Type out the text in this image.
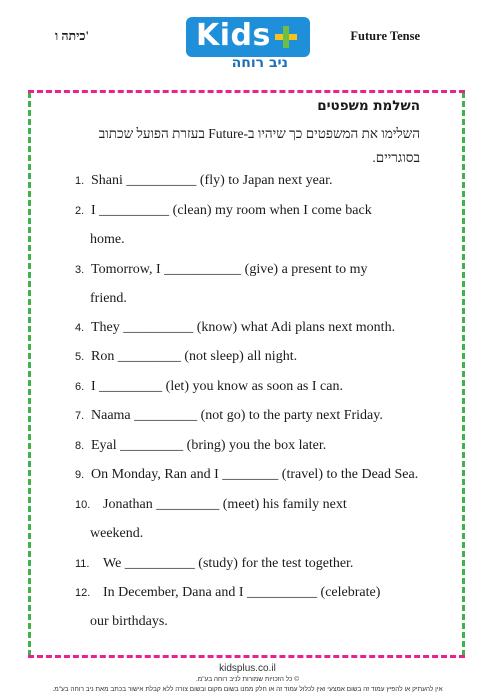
כיתה ו'	Future Tense
Kids
ניב רוחה
השלמת משפטים
השלימו את המשפטים כך שיהיו ב-Future בעזרת הפועל שכתוב בסוגריים.
1. Shani __________ (fly) to Japan next year.
2. I __________ (clean) my room when I come back
home.
3. Tomorrow, I ___________ (give) a present to my
friend.
4. They __________ (know) what Adi plans next month.
5. Ron _________ (not sleep) all night.
6. I _________ (let) you know as soon as I can.
7. Naama _________ (not go) to the party next Friday.
8. Eyal _________ (bring) you the box later.
9. On Monday, Ran and I ________ (travel) to the Dead Sea.
10. Jonathan _________ (meet) his family next
weekend.
11. We __________ (study) for the test together.
12. In December, Dana and I __________ (celebrate)
our birthdays.
kidsplus.co.il
© כל הזכויות שמורות לניב רוחה בע"מ.
אין להעתיק או להפיץ עמוד זה בשום אמצעי ואין לכלול עמוד זה או חלק ממנו בשום מקום ובשום צורה ללא קבלת אישור בכתב מאת ניב רוחה בע"מ.
